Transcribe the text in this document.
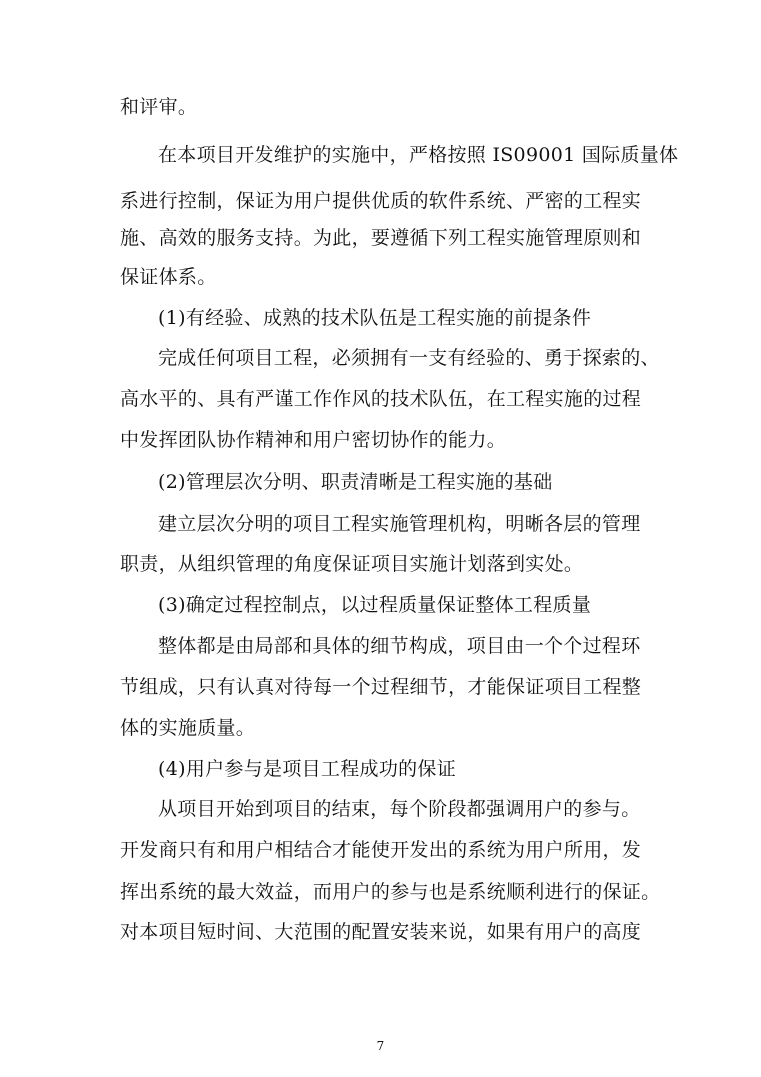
和评审。
在本项目开发维护的实施中，严格按照 IS09001 国际质量体
系进行控制，保证为用户提供优质的软件系统、严密的工程实
施、高效的服务支持。为此，要遵循下列工程实施管理原则和
保证体系。
(1)有经验、成熟的技术队伍是工程实施的前提条件
完成任何项目工程，必须拥有一支有经验的、勇于探索的、
高水平的、具有严谨工作作风的技术队伍，在工程实施的过程
中发挥团队协作精神和用户密切协作的能力。
(2)管理层次分明、职责清晰是工程实施的基础
建立层次分明的项目工程实施管理机构，明晰各层的管理
职责，从组织管理的角度保证项目实施计划落到实处。
(3)确定过程控制点，以过程质量保证整体工程质量
整体都是由局部和具体的细节构成，项目由一个个过程环
节组成，只有认真对待每一个过程细节，才能保证项目工程整
体的实施质量。
(4)用户参与是项目工程成功的保证
从项目开始到项目的结束，每个阶段都强调用户的参与。
开发商只有和用户相结合才能使开发出的系统为用户所用，发
挥出系统的最大效益，而用户的参与也是系统顺利进行的保证。
对本项目短时间、大范围的配置安装来说，如果有用户的高度
7
